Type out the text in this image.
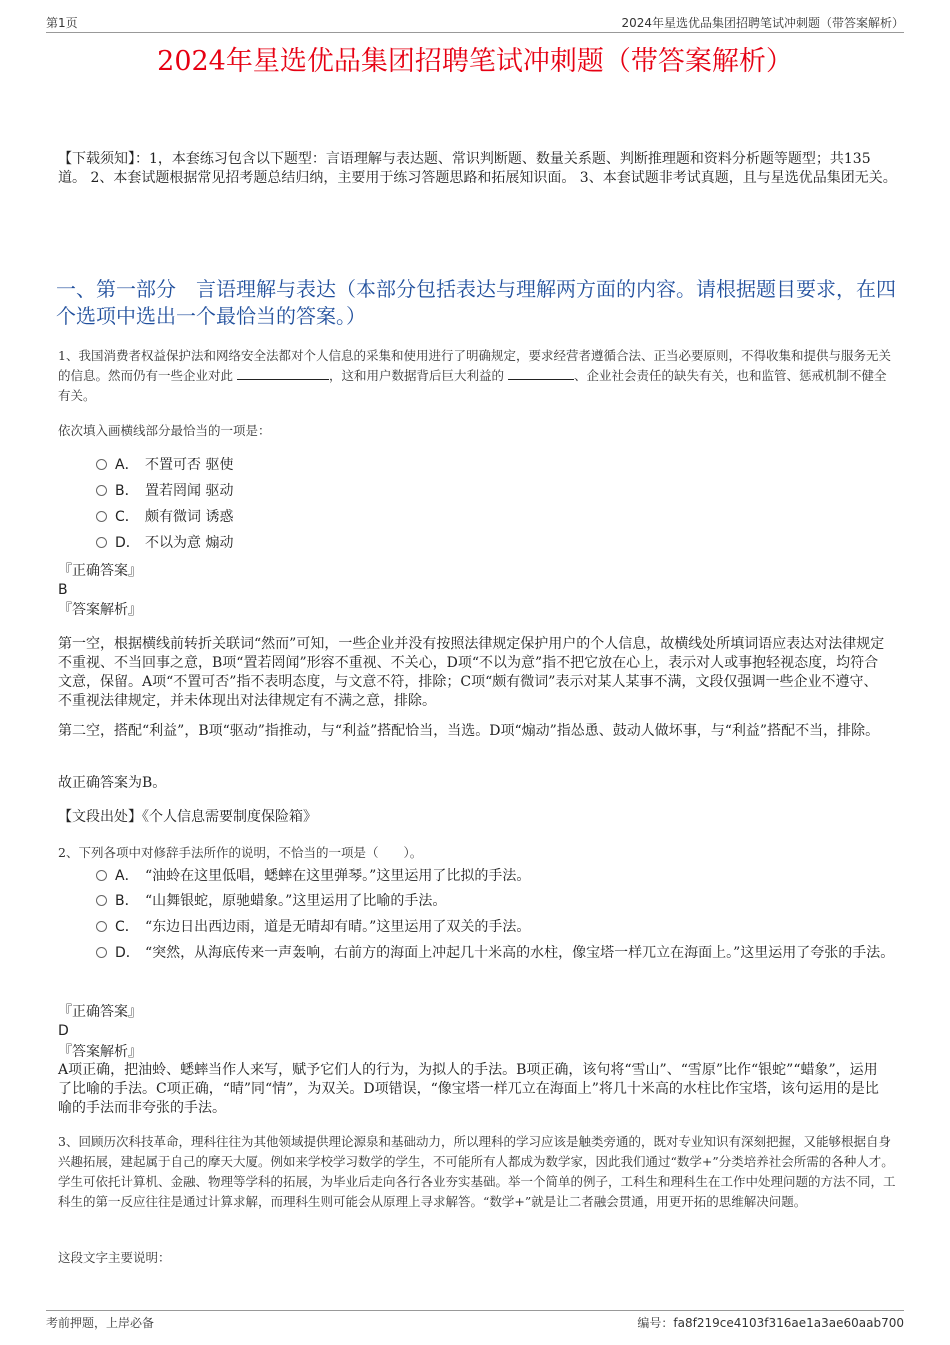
第1页	2024年星选优品集团招聘笔试冲刺题（带答案解析）
2024年星选优品集团招聘笔试冲刺题（带答案解析）
【下载须知】：1，本套练习包含以下题型：言语理解与表达题、常识判断题、数量关系题、判断推理题和资料分析题等题型；共135道。 2、本套试题根据常见招考题总结归纳，主要用于练习答题思路和拓展知识面。 3、本套试题非考试真题，且与星选优品集团无关。
一、第一部分　言语理解与表达（本部分包括表达与理解两方面的内容。请根据题目要求，在四个选项中选出一个最恰当的答案。）
1、我国消费者权益保护法和网络安全法都对个人信息的采集和使用进行了明确规定，要求经营者遵循合法、正当必要原则，不得收集和提供与服务无关的信息。然而仍有一些企业对此	，这和用户数据背后巨大利益的	、企业社会责任的缺失有关，也和监管、惩戒机制不健全有关。
依次填入画横线部分最恰当的一项是：
A． 不置可否 驱使
B． 置若罔闻 驱动
C． 颇有微词 诱惑
D． 不以为意 煽动
『正确答案』
B
『答案解析』
第一空，根据横线前转折关联词“然而”可知，一些企业并没有按照法律规定保护用户的个人信息，故横线处所填词语应表达对法律规定不重视、不当回事之意，B项“置若罔闻”形容不重视、不关心，D项“不以为意”指不把它放在心上，表示对人或事抱轻视态度，均符合文意，保留。A项“不置可否”指不表明态度，与文意不符，排除；C项“颇有微词”表示对某人某事不满，文段仅强调一些企业不遵守、不重视法律规定，并未体现出对法律规定有不满之意，排除。
第二空，搭配“利益”，B项“驱动”指推动，与“利益”搭配恰当，当选。D项“煽动”指怂恿、鼓动人做坏事，与“利益”搭配不当，排除。
故正确答案为B。
【文段出处】《个人信息需要制度保险箱》
2、下列各项中对修辞手法所作的说明，不恰当的一项是（　　）。
A． “油蛉在这里低唱，蟋蟀在这里弹琴。”这里运用了比拟的手法。
B． “山舞银蛇，原驰蜡象。”这里运用了比喻的手法。
C． “东边日出西边雨，道是无晴却有晴。”这里运用了双关的手法。
D． “突然，从海底传来一声轰响，右前方的海面上冲起几十米高的水柱，像宝塔一样兀立在海面上。”这里运用了夸张的手法。
『正确答案』
D
『答案解析』
A项正确，把油蛉、蟋蟀当作人来写，赋予它们人的行为，为拟人的手法。B项正确，该句将“雪山”、“雪原”比作“银蛇”“蜡象”，运用了比喻的手法。C项正确，“晴”同“情”，为双关。D项错误，“像宝塔一样兀立在海面上”将几十米高的水柱比作宝塔，该句运用的是比喻的手法而非夸张的手法。
3、回顾历次科技革命，理科往往为其他领域提供理论源泉和基础动力，所以理科的学习应该是触类旁通的，既对专业知识有深刻把握，又能够根据自身兴趣拓展，建起属于自己的摩天大厦。例如来学校学习数学的学生，不可能所有人都成为数学家，因此我们通过“数学+”分类培养社会所需的各种人才。学生可依托计算机、金融、物理等学科的拓展，为毕业后走向各行各业夯实基础。举一个简单的例子，工科生和理科生在工作中处理问题的方法不同，工科生的第一反应往往是通过计算求解，而理科生则可能会从原理上寻求解答。“数学+”就是让二者融会贯通，用更开拓的思维解决问题。
这段文字主要说明：
考前押题，上岸必备	编号：fa8f219ce4103f316ae1a3ae60aab700
